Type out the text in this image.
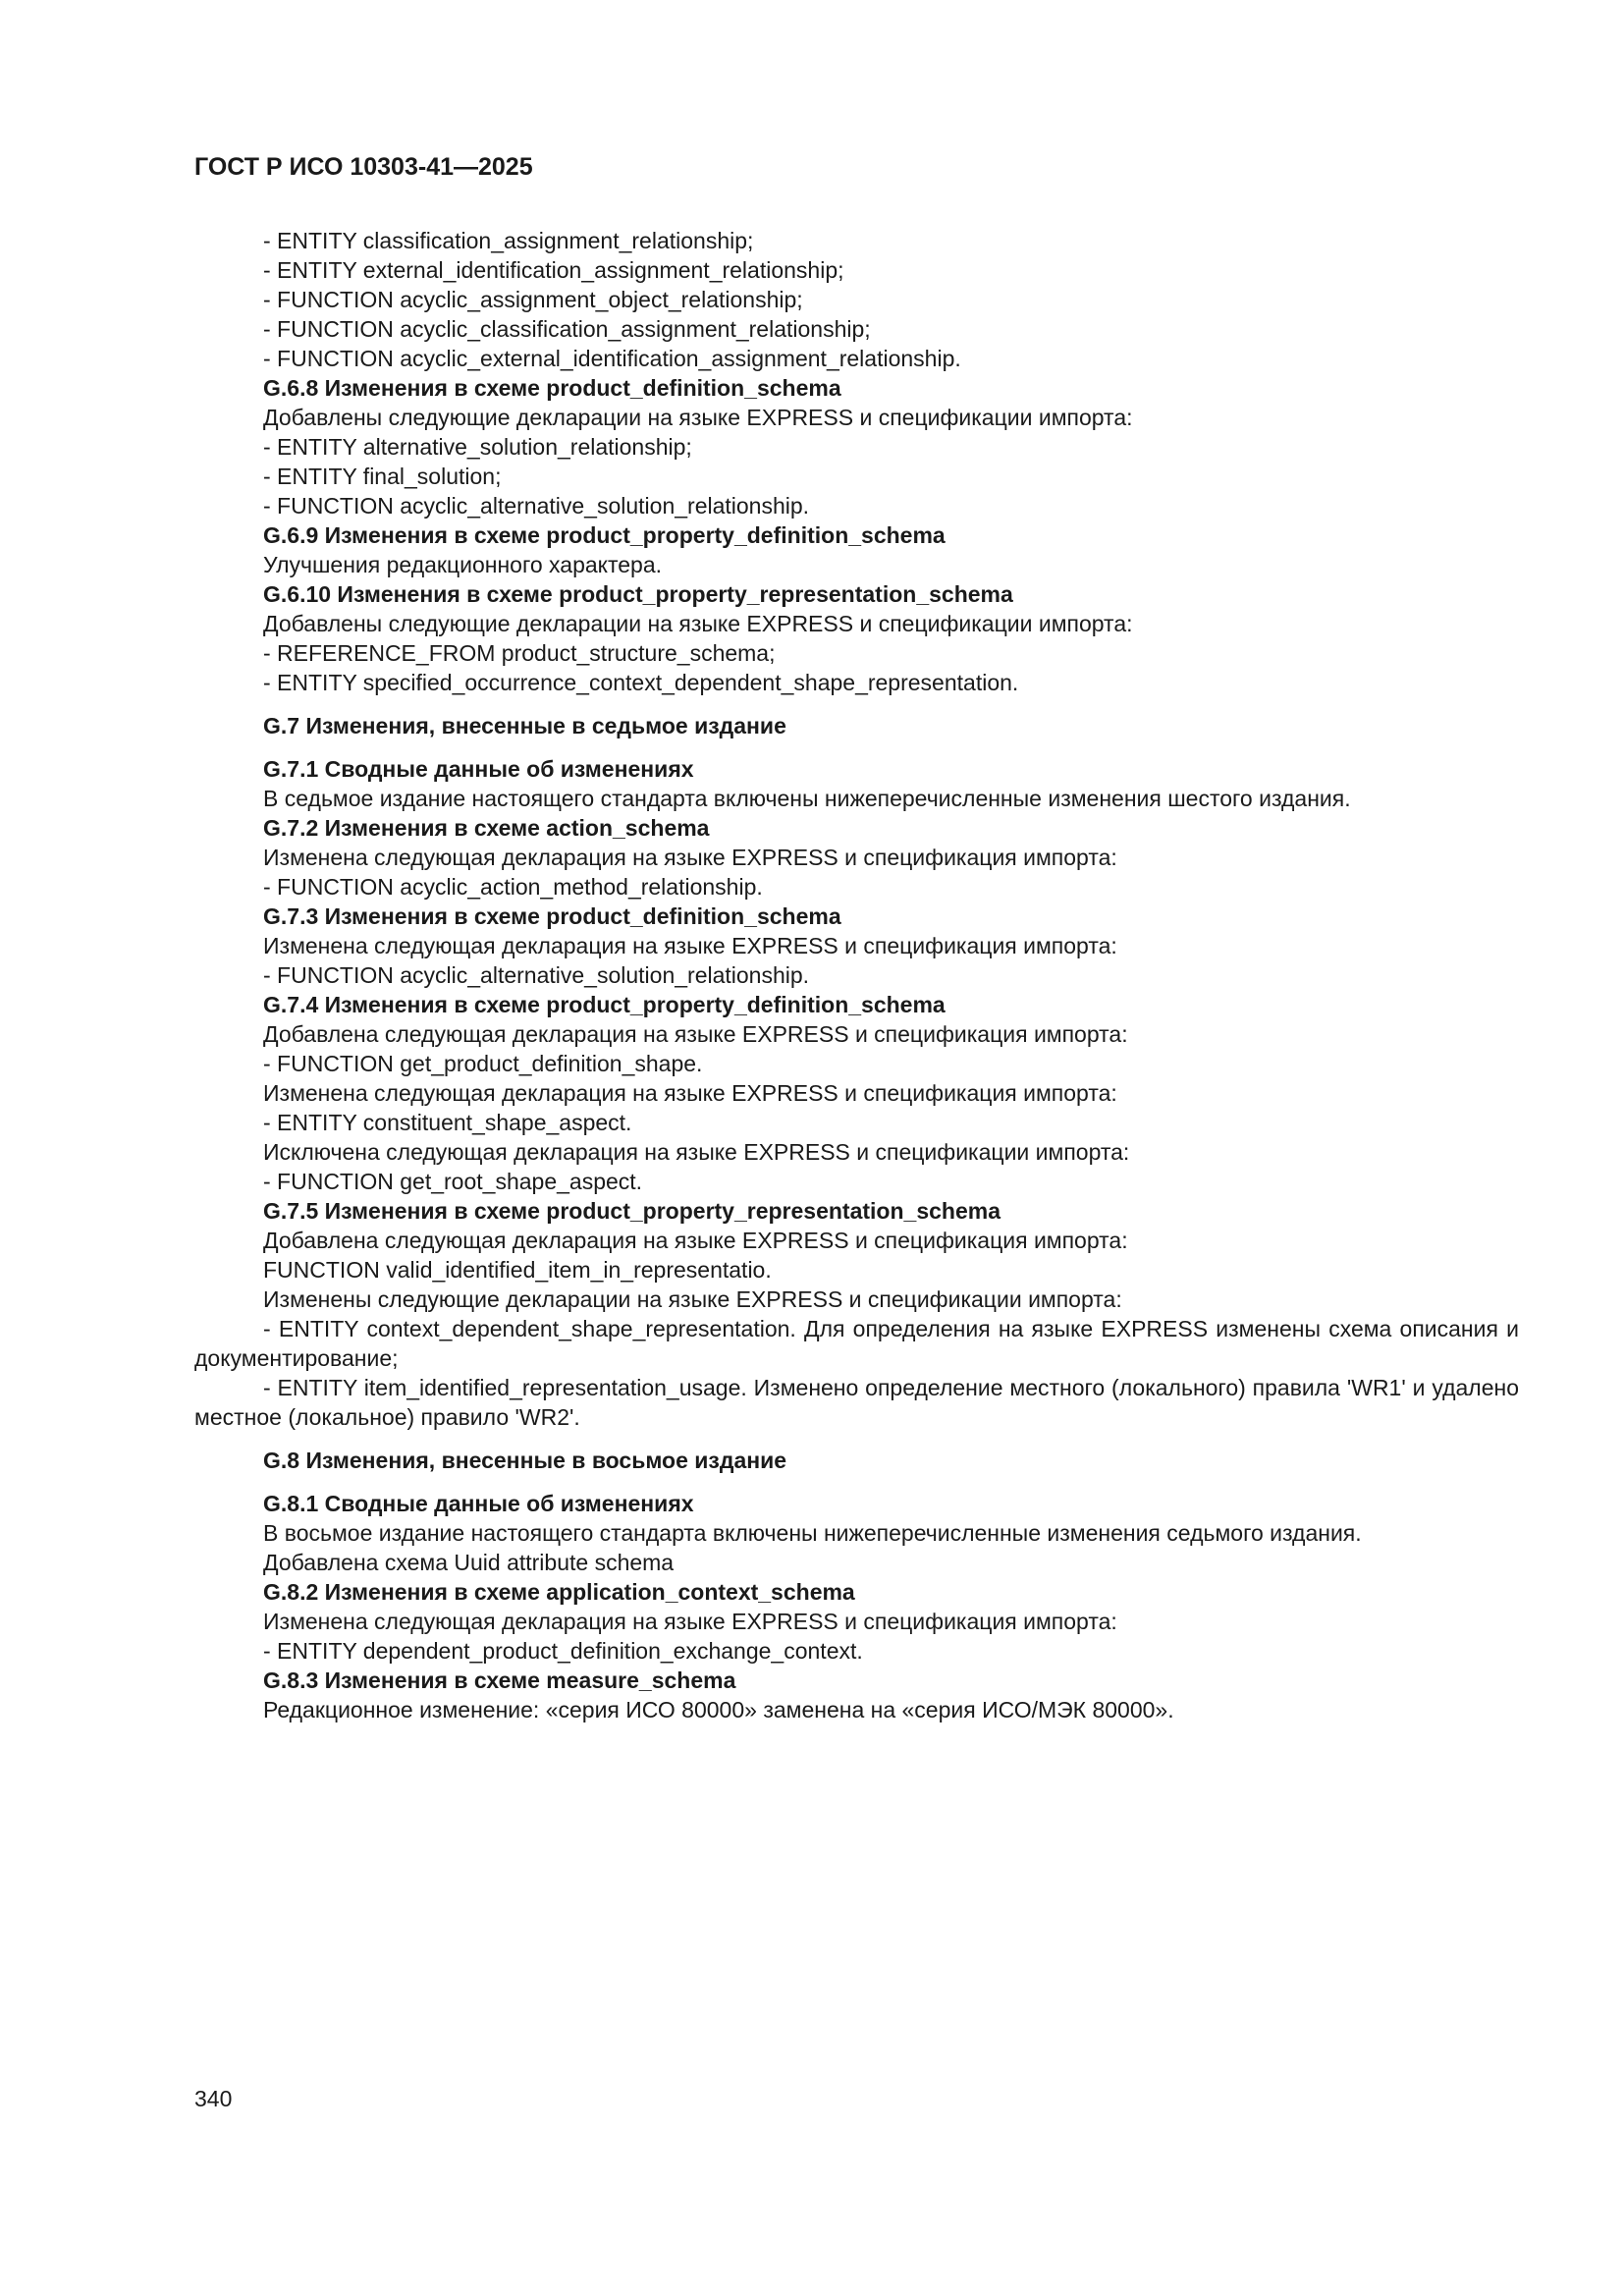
ГОСТ Р ИСО 10303-41—2025
- ENTITY classification_assignment_relationship;
- ENTITY external_identification_assignment_relationship;
- FUNCTION acyclic_assignment_object_relationship;
- FUNCTION acyclic_classification_assignment_relationship;
- FUNCTION acyclic_external_identification_assignment_relationship.
G.6.8 Изменения в схеме product_definition_schema
Добавлены следующие декларации на языке EXPRESS и спецификации импорта:
- ENTITY alternative_solution_relationship;
- ENTITY final_solution;
- FUNCTION acyclic_alternative_solution_relationship.
G.6.9 Изменения в схеме product_property_definition_schema
Улучшения редакционного характера.
G.6.10 Изменения в схеме product_property_representation_schema
Добавлены следующие декларации на языке EXPRESS и спецификации импорта:
- REFERENCE_FROM product_structure_schema;
- ENTITY specified_occurrence_context_dependent_shape_representation.
G.7 Изменения, внесенные в седьмое издание
G.7.1 Сводные данные об изменениях
В седьмое издание настоящего стандарта включены нижеперечисленные изменения шестого издания.
G.7.2 Изменения в схеме action_schema
Изменена следующая декларация на языке EXPRESS и спецификация импорта:
- FUNCTION acyclic_action_method_relationship.
G.7.3 Изменения в схеме product_definition_schema
Изменена следующая декларация на языке EXPRESS и спецификация импорта:
- FUNCTION acyclic_alternative_solution_relationship.
G.7.4 Изменения в схеме product_property_definition_schema
Добавлена следующая декларация на языке EXPRESS и спецификация импорта:
- FUNCTION get_product_definition_shape.
Изменена следующая декларация на языке EXPRESS и спецификация импорта:
- ENTITY constituent_shape_aspect.
Исключена следующая декларация на языке EXPRESS и спецификации импорта:
- FUNCTION get_root_shape_aspect.
G.7.5 Изменения в схеме product_property_representation_schema
Добавлена следующая декларация на языке EXPRESS и спецификация импорта:
FUNCTION valid_identified_item_in_representatio.
Изменены следующие декларации на языке EXPRESS и спецификации импорта:
- ENTITY context_dependent_shape_representation. Для определения на языке EXPRESS изменены схема описания и документирование;
- ENTITY item_identified_representation_usage. Изменено определение местного (локального) правила 'WR1' и удалено местное (локальное) правило 'WR2'.
G.8 Изменения, внесенные в восьмое издание
G.8.1 Сводные данные об изменениях
В восьмое издание настоящего стандарта включены нижеперечисленные изменения седьмого издания.
Добавлена схема Uuid attribute schema
G.8.2 Изменения в схеме application_context_schema
Изменена следующая декларация на языке EXPRESS и спецификация импорта:
- ENTITY dependent_product_definition_exchange_context.
G.8.3 Изменения в схеме measure_schema
Редакционное изменение: «серия ИСО 80000» заменена на «серия ИСО/МЭК 80000».
340
